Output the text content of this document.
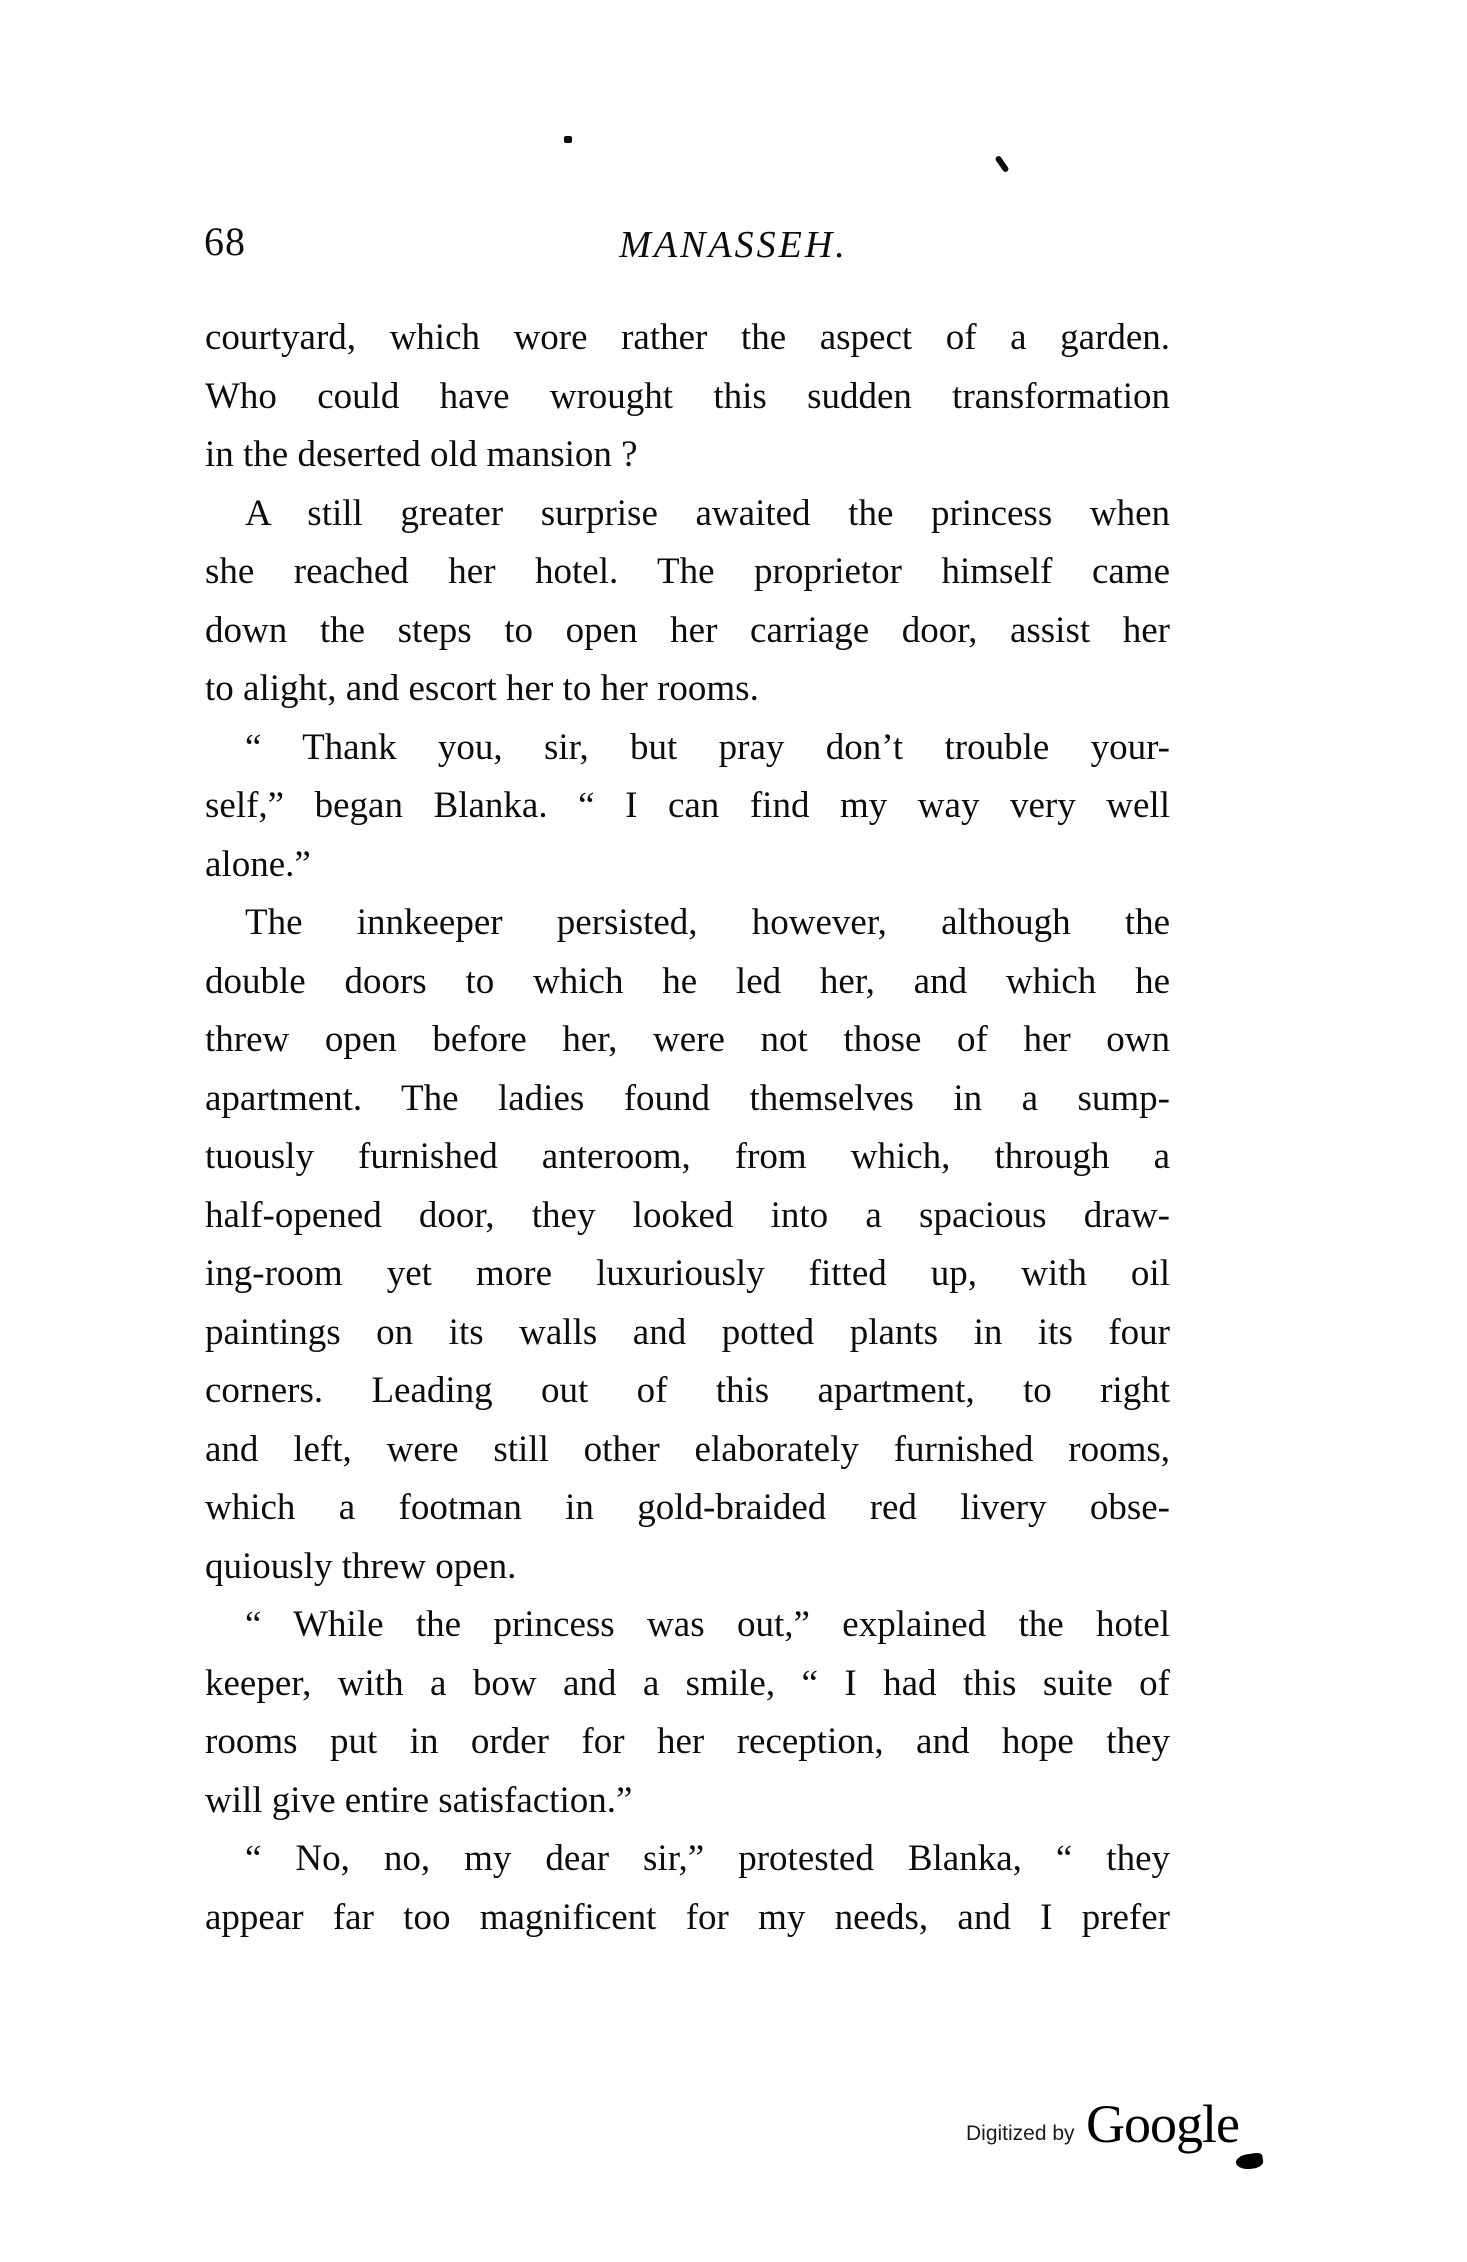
68	MANASSEH.
courtyard, which wore rather the aspect of a garden.
Who could have wrought this sudden transformation
in the deserted old mansion ?
A still greater surprise awaited the princess when
she reached her hotel. The proprietor himself came
down the steps to open her carriage door, assist her
to alight, and escort her to her rooms.
“ Thank you, sir, but pray don’t trouble your-
self,” began Blanka. “ I can find my way very well
alone.”
The innkeeper persisted, however, although the
double doors to which he led her, and which he
threw open before her, were not those of her own
apartment. The ladies found themselves in a sump-
tuously furnished anteroom, from which, through a
half-opened door, they looked into a spacious draw-
ing-room yet more luxuriously fitted up, with oil
paintings on its walls and potted plants in its four
corners. Leading out of this apartment, to right
and left, were still other elaborately furnished rooms,
which a footman in gold-braided red livery obse-
quiously threw open.
“ While the princess was out,” explained the hotel
keeper, with a bow and a smile, “ I had this suite of
rooms put in order for her reception, and hope they
will give entire satisfaction.”
“ No, no, my dear sir,” protested Blanka, “ they
appear far too magnificent for my needs, and I prefer
Digitized by Google
